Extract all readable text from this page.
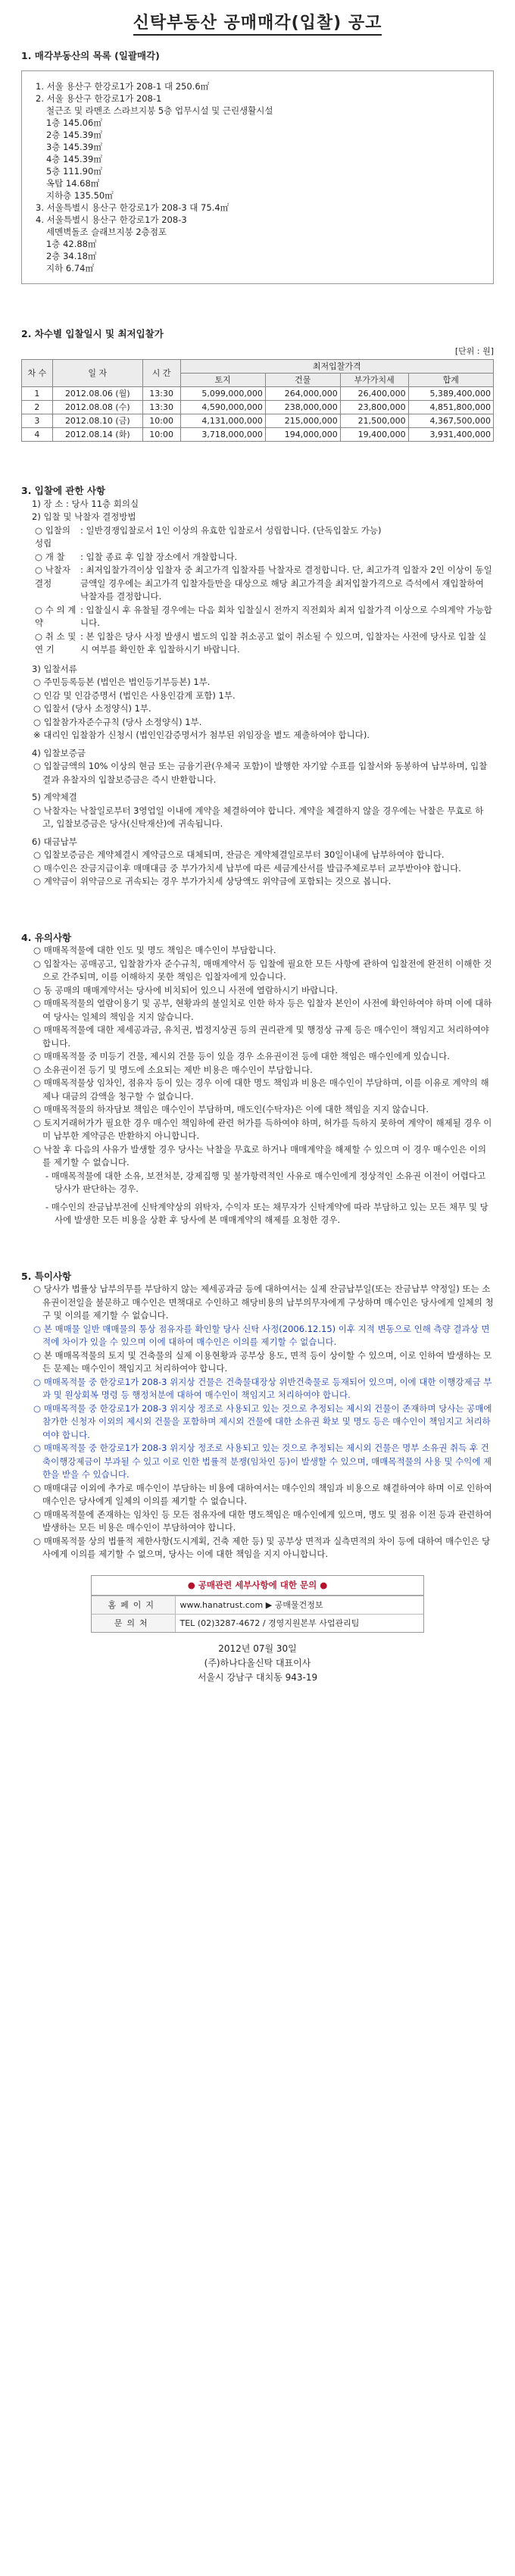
신탁부동산 공매매각(입찰) 공고
1. 매각부동산의 목록 (일괄매각)
1. 서울 용산구 한강로1가 208-1 대 250.6㎡
2. 서울 용산구 한강로1가 208-1
철근조 및 라멘조 스라브지붕 5층 업무시설 및 근린생활시설
1층 145.06㎡
2층 145.39㎡
3층 145.39㎡
4층 145.39㎡
5층 111.90㎡
옥탑 14.68㎡
지하층 135.50㎡
3. 서울특별시 용산구 한강로1가 208-3 대 75.4㎡
4. 서울특별시 용산구 한강로1가 208-3
세멘벽돌조 슬래브지붕 2층점포
1층 42.88㎡
2층 34.18㎡
지하 6.74㎡
2. 차수별 입찰일시 및 최저입찰가
[단위 : 원]
차 수	일 자	시 간	최저입찰가격			
			토지	건물	부가가치세	합계
1	2012.08.06 (월)	13:30	5,099,000,000	264,000,000	26,400,000	5,389,400,000
2	2012.08.08 (수)	13:30	4,590,000,000	238,000,000	23,800,000	4,851,800,000
3	2012.08.10 (금)	10:00	4,131,000,000	215,000,000	21,500,000	4,367,500,000
4	2012.08.14 (화)	10:00	3,718,000,000	194,000,000	19,400,000	3,931,400,000
3. 입찰에 관한 사항
1) 장 소 : 당사 11층 회의실
2) 입찰 및 낙찰자 결정방법
○ 입찰의 성립
: 일반경쟁입찰로서 1인 이상의 유효한 입찰로서 성립합니다. (단독입찰도 가능)
○ 개 찰	: 입찰 종료 후 입찰 장소에서 개찰합니다.
○ 낙찰자 결정
: 최저입찰가격이상 입찰자 중 최고가격 입찰자를 낙찰자로 결정합니다. 단, 최고가격 입찰자 2인 이상이 동일금액일 경우에는 최고가격 입찰자들만을 대상으로 해당 최고가격을 최저입찰가격으로 즉석에서 재입찰하여 낙찰자를 결정합니다.
○ 수 의 계 약
: 입찰실시 후 유찰될 경우에는 다음 회차 입찰실시 전까지 직전회차 최저 입찰가격 이상으로 수의계약 가능합니다.
○ 취 소 및 연 기
: 본 입찰은 당사 사정 발생시 별도의 입찰 취소공고 없이 취소될 수 있으며, 입찰자는 사전에 당사로 입찰 실시 여부를 확인한 후 입찰하시기 바랍니다.
3) 입찰서류
○ 주민등록등본 (법인은 법인등기부등본) 1부.
○ 인감 및 인감증명서 (법인은 사용인감계 포함) 1부.
○ 입찰서 (당사 소정양식) 1부.
○ 입찰참가자준수규칙 (당사 소정양식) 1부.
※ 대리인 입찰참가 신청시 (법인인감증명서가 첨부된 위임장을 별도 제출하여야 합니다).
4) 입찰보증금
○ 입찰금액의 10% 이상의 현금 또는 금융기관(우체국 포함)이 발행한 자기앞 수표를 입찰서와 동봉하여 납부하며, 입찰결과 유찰자의 입찰보증금은 즉시 반환합니다.
5) 계약체결
○ 낙찰자는 낙찰일로부터 3영업일 이내에 계약을 체결하여야 합니다. 계약을 체결하지 않을 경우에는 낙찰은 무효로 하고, 입찰보증금은 당사(신탁재산)에 귀속됩니다.
6) 대금납부
○ 입찰보증금은 계약체결시 계약금으로 대체되며, 잔금은 계약체결일로부터 30일이내에 납부하여야 합니다.
○ 매수인은 잔금지급이후 매매대금 중 부가가치세 납부에 따른 세금계산서를 발급주체로부터 교부받아야 합니다.
○ 계약금이 위약금으로 귀속되는 경우 부가가치세 상당액도 위약금에 포함되는 것으로 봅니다.
4. 유의사항
○ 매매목적물에 대한 인도 및 명도 책임은 매수인이 부담합니다.
○ 입찰자는 공매공고, 입찰참가자 준수규칙, 매매계약서 등 입찰에 필요한 모든 사항에 관하여 입찰전에 완전히 이해한 것으로 간주되며, 이를 이해하지 못한 책임은 입찰자에게 있습니다.
○ 동 공매의 매매계약서는 당사에 비치되어 있으니 사전에 열람하시기 바랍니다.
○ 매매목적물의 열람이용기 및 공부, 현황과의 불일치로 인한 하자 등은 입찰자 본인이 사전에 확인하여야 하며 이에 대하여 당사는 일체의 책임을 지지 않습니다.
○ 매매목적물에 대한 제세공과금, 유치권, 법정지상권 등의 권리관계 및 행정상 규제 등은 매수인이 책임지고 처리하여야 합니다.
○ 매매목적물 중 미등기 건물, 제시외 건물 등이 있을 경우 소유권이전 등에 대한 책임은 매수인에게 있습니다.
○ 소유권이전 등기 및 명도에 소요되는 제반 비용은 매수인이 부담합니다.
○ 매매목적물상 임차인, 점유자 등이 있는 경우 이에 대한 명도 책임과 비용은 매수인이 부담하며, 이를 이유로 계약의 해제나 대금의 감액을 청구할 수 없습니다.
○ 매매목적물의 하자담보 책임은 매수인이 부담하며, 매도인(수탁자)은 이에 대한 책임을 지지 않습니다.
○ 토지거래허가가 필요한 경우 매수인 책임하에 관련 허가를 득하여야 하며, 허가를 득하지 못하여 계약이 해제될 경우 이미 납부한 계약금은 반환하지 아니합니다.
○ 낙찰 후 다음의 사유가 발생할 경우 당사는 낙찰을 무효로 하거나 매매계약을 해제할 수 있으며 이 경우 매수인은 이의를 제기할 수 없습니다.
- 매매목적물에 대한 소유, 보전처분, 강제집행 및 불가항력적인 사유로 매수인에게 정상적인 소유권 이전이 어렵다고 당사가 판단하는 경우.
- 매수인의 잔금납부전에 신탁계약상의 위탁자, 수익자 또는 채무자가 신탁계약에 따라 부담하고 있는 모든 채무 및 당사에 발생한 모든 비용을 상환 후 당사에 본 매매계약의 해제를 요청한 경우.
5. 특이사항
○ 당사가 법률상 납부의무를 부담하지 않는 제세공과금 등에 대하여서는 실제 잔금납부일(또는 잔금납부 약정일) 또는 소유권이전일을 불문하고 매수인은 면책대로 수인하고 해당비용의 납부의무자에게 구상하며 매수인은 당사에게 일체의 청구 및 이의를 제기할 수 없습니다.
○ 본 매매물 일반 매매물의 통상 점유자를 확인할 당사 신탁 사정(2006.12.15) 이후 지적 변동으로 인해 측량 결과상 면적에 차이가 있을 수 있으며 이에 대하여 매수인은 이의를 제기할 수 없습니다.
○ 본 매매목적물의 토지 및 건축물의 실제 이용현황과 공부상 용도, 면적 등이 상이할 수 있으며, 이로 인하여 발생하는 모든 문제는 매수인이 책임지고 처리하여야 합니다.
○ 매매목적물 중 한강로1가 208-3 위지상 건물은 건축물대장상 위반건축물로 등재되어 있으며, 이에 대한 이행강제금 부과 및 원상회복 명령 등 행정처분에 대하여 매수인이 책임지고 처리하여야 합니다.
○ 매매목적물 중 한강로1가 208-3 위지상 정조로 사용되고 있는 것으로 추정되는 제시외 건물이 존재하며 당사는 공매에 참가한 신청자 이외의 제시외 건물을 포함하며 제시외 건물에 대한 소유권 확보 및 명도 등은 매수인이 책임지고 처리하여야 합니다.
○ 매매목적물 중 한강로1가 208-3 위지상 정조로 사용되고 있는 것으로 추정되는 제시외 건물은 명부 소유권 취득 후 건축이행강제금이 부과될 수 있고 이로 인한 법률적 분쟁(임차인 등)이 발생할 수 있으며, 매매목적물의 사용 및 수익에 제한을 받을 수 있습니다.
○ 매매대금 이외에 추가로 매수인이 부담하는 비용에 대하여서는 매수인의 책임과 비용으로 해결하여야 하며 이로 인하여 매수인은 당사에게 일체의 이의를 제기할 수 없습니다.
○ 매매목적물에 존재하는 임차인 등 모든 점유자에 대한 명도책임은 매수인에게 있으며, 명도 및 점유 이전 등과 관련하여 발생하는 모든 비용은 매수인이 부담하여야 합니다.
○ 매매목적물 상의 법률적 제한사항(도시계획, 건축 제한 등) 및 공부상 면적과 실측면적의 차이 등에 대하여 매수인은 당사에게 이의를 제기할 수 없으며, 당사는 이에 대한 책임을 지지 아니합니다.
● 공매관련 세부사항에 대한 문의 ●
홈페이지	www.hanatrust.com ▶ 공매물건정보
문의처	TEL (02)3287-4672 / 경영지원본부 사업관리팀
2012년 07월 30일
(주)하나다올신탁 대표이사
서울시 강남구 대치동 943-19
